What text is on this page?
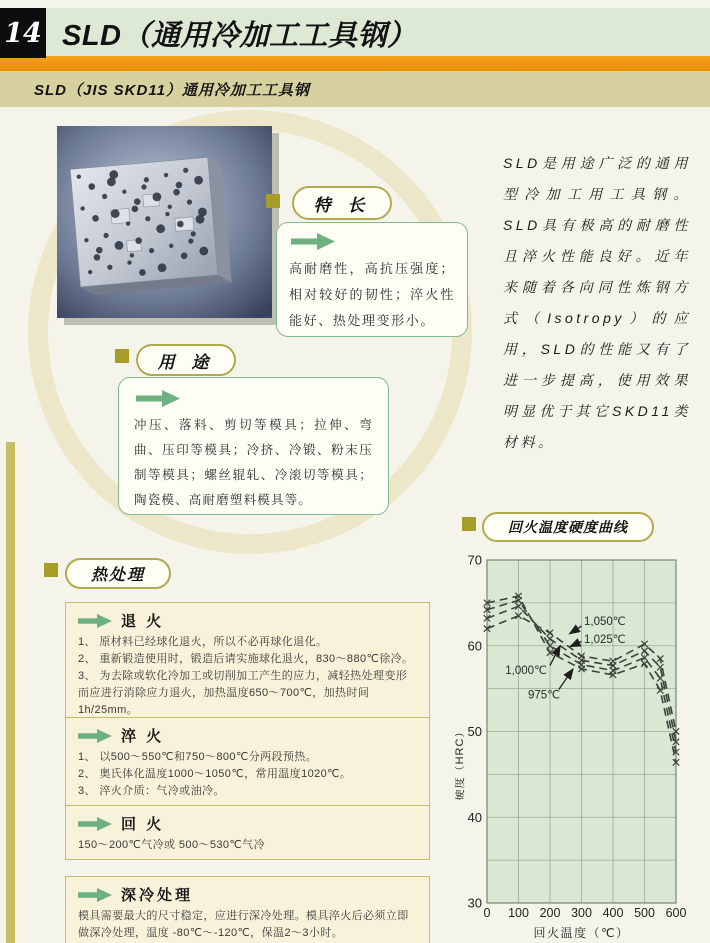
14 SLD（通用冷加工工具钢）
SLD（JIS SKD11）通用冷加工工具钢
特 长
高耐磨性，高抗压强度；相对较好的韧性；淬火性能好、热处理变形小。
用 途
冲压、落料、剪切等模具；拉伸、弯曲、压印等模具；冷挤、冷锻、粉末压制等模具；螺丝辊轧、冷滚切等模具；陶瓷模、高耐磨塑料模具等。
SLD是用途广泛的通用型冷加工用工具钢。SLD具有极高的耐磨性且淬火性能良好。近年来随着各向同性炼钢方式（Isotropy）的应用，SLD的性能又有了进一步提高，使用效果明显优于其它SKD11类材料。
热处理
退 火
1、 原材料已经球化退火，所以不必再球化退化。
2、 重新锻造使用时，锻造后请实施球化退火，830～880℃徐冷。
3、 为去除或软化冷加工或切削加工产生的应力，减轻热处理变形而应进行消除应力退火，加热温度650～700℃，加热时间1h/25mm。
淬 火
1、 以500～550℃和750～800℃分两段预热。
2、 奥氏体化温度1000～1050℃，常用温度1020℃。
3、 淬火介质：气冷或油冷。
回 火
150～200℃气冷或 500～530℃气冷
深冷处理
模具需要最大的尺寸稳定，应进行深冷处理。模具淬火后必须立即做深冷处理，温度 -80℃～-120℃，保温2～3小时。
回火温度硬度曲线
70
60
50
40
30
0 100 200 300 400 500 600
回火温度（℃）
硬度（HRC）
1,050℃
1,025℃
1,000℃
975℃
